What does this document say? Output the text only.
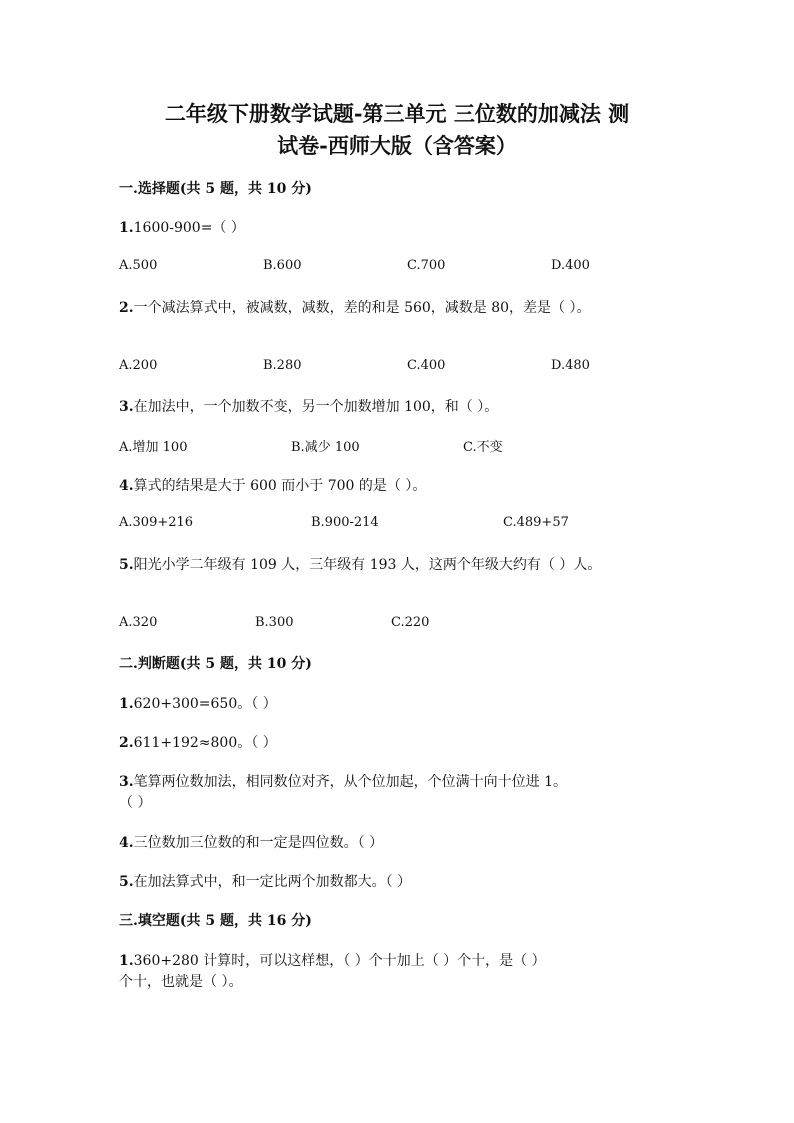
二年级下册数学试题-第三单元 三位数的加减法 测
试卷-西师大版（含答案）
一.选择题(共 5 题，共 10 分)
1.1600-900=（ ）
A.500	B.600	C.700	D.400
2.一个减法算式中，被减数，减数，差的和是 560，减数是 80，差是（ ）。
A.200	B.280	C.400	D.480
3.在加法中，一个加数不变，另一个加数增加 100，和（ ）。
A.增加 100	B.减少 100	C.不变
4.算式的结果是大于 600 而小于 700 的是（ ）。
A.309+216	B.900-214	C.489+57
5.阳光小学二年级有 109 人，三年级有 193 人，这两个年级大约有（ ）人。
A.320	B.300	C.220
二.判断题(共 5 题，共 10 分)
1.620+300=650。（ ）
2.611+192≈800。（ ）
3.笔算两位数加法，相同数位对齐，从个位加起，个位满十向十位进 1。
（ ）
4.三位数加三位数的和一定是四位数。（ ）
5.在加法算式中，和一定比两个加数都大。（ ）
三.填空题(共 5 题，共 16 分)
1.360+280 计算时，可以这样想，（ ）个十加上（ ）个十，是（ ）
个十，也就是（ ）。
